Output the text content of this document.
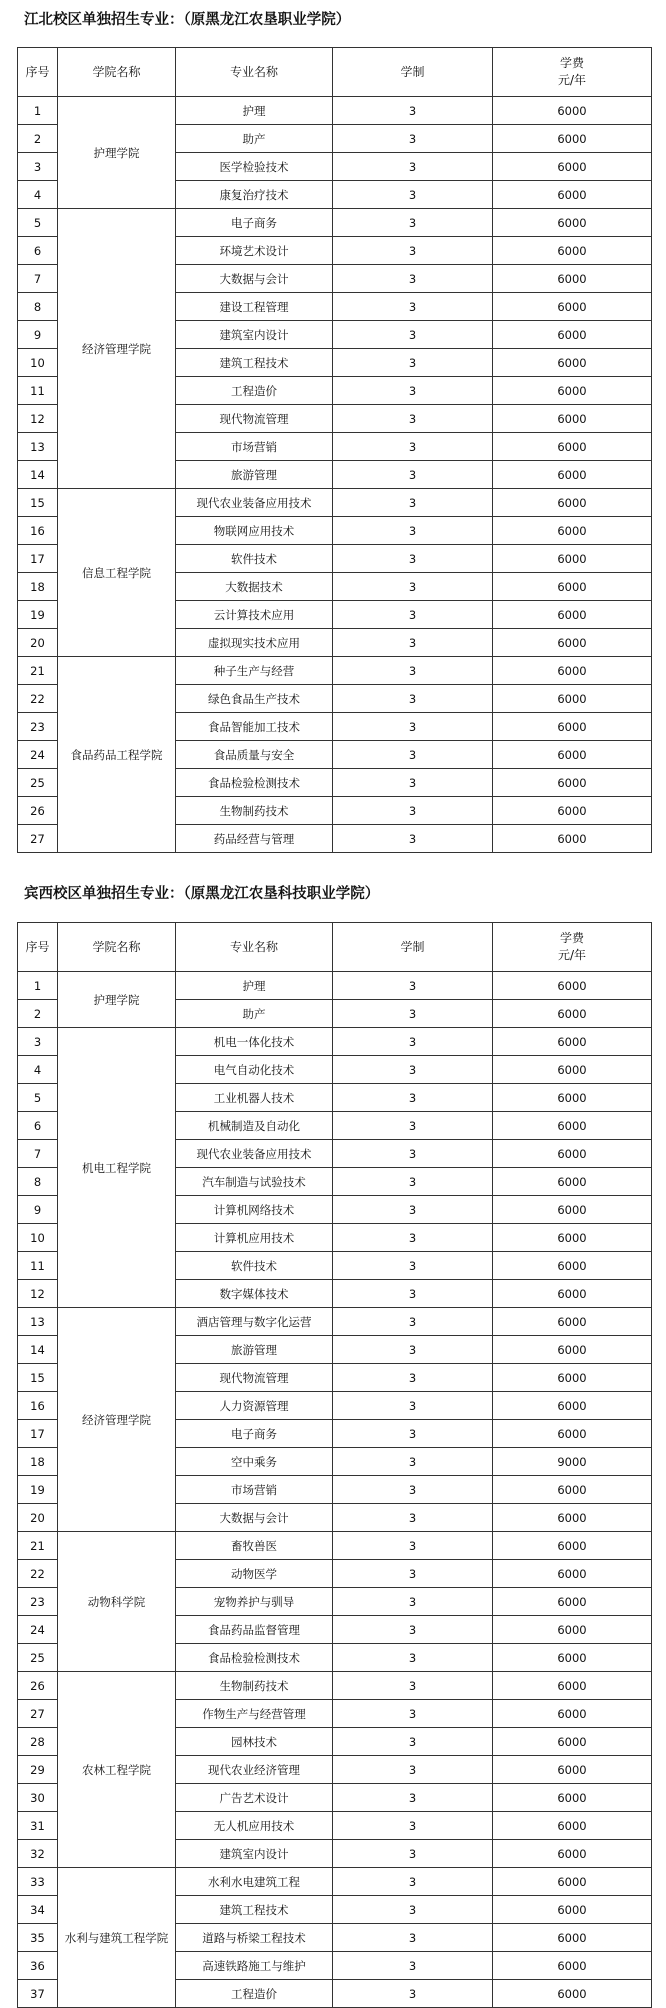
江北校区单独招生专业：（原黑龙江农垦职业学院）
序号	学院名称	专业名称	学制	学费
元/年

1	护理学院	护理	3	6000
2		助产	3	6000
3		医学检验技术	3	6000
4		康复治疗技术	3	6000
5	经济管理学院	电子商务	3	6000
6		环境艺术设计	3	6000
7		大数据与会计	3	6000
8		建设工程管理	3	6000
9		建筑室内设计	3	6000
10		建筑工程技术	3	6000
11		工程造价	3	6000
12		现代物流管理	3	6000
13		市场营销	3	6000
14		旅游管理	3	6000
15	信息工程学院	现代农业装备应用技术	3	6000
16		物联网应用技术	3	6000
17		软件技术	3	6000
18		大数据技术	3	6000
19		云计算技术应用	3	6000
20		虚拟现实技术应用	3	6000
21	食品药品工程学院	种子生产与经营	3	6000
22		绿色食品生产技术	3	6000
23		食品智能加工技术	3	6000
24		食品质量与安全	3	6000
25		食品检验检测技术	3	6000
26		生物制药技术	3	6000
27		药品经营与管理	3	6000
宾西校区单独招生专业：（原黑龙江农垦科技职业学院）
序号	学院名称	专业名称	学制	学费
元/年

1	护理学院	护理	3	6000
2		助产	3	6000
3	机电工程学院	机电一体化技术	3	6000
4		电气自动化技术	3	6000
5		工业机器人技术	3	6000
6		机械制造及自动化	3	6000
7		现代农业装备应用技术	3	6000
8		汽车制造与试验技术	3	6000
9		计算机网络技术	3	6000
10		计算机应用技术	3	6000
11		软件技术	3	6000
12		数字媒体技术	3	6000
13	经济管理学院	酒店管理与数字化运营	3	6000
14		旅游管理	3	6000
15		现代物流管理	3	6000
16		人力资源管理	3	6000
17		电子商务	3	6000
18		空中乘务	3	9000
19		市场营销	3	6000
20		大数据与会计	3	6000
21	动物科学院	畜牧兽医	3	6000
22		动物医学	3	6000
23		宠物养护与驯导	3	6000
24		食品药品监督管理	3	6000
25		食品检验检测技术	3	6000
26	农林工程学院	生物制药技术	3	6000
27		作物生产与经营管理	3	6000
28		园林技术	3	6000
29		现代农业经济管理	3	6000
30		广告艺术设计	3	6000
31		无人机应用技术	3	6000
32		建筑室内设计	3	6000
33	水利与建筑工程学院	水利水电建筑工程	3	6000
34		建筑工程技术	3	6000
35		道路与桥梁工程技术	3	6000
36		高速铁路施工与维护	3	6000
37		工程造价	3	6000
